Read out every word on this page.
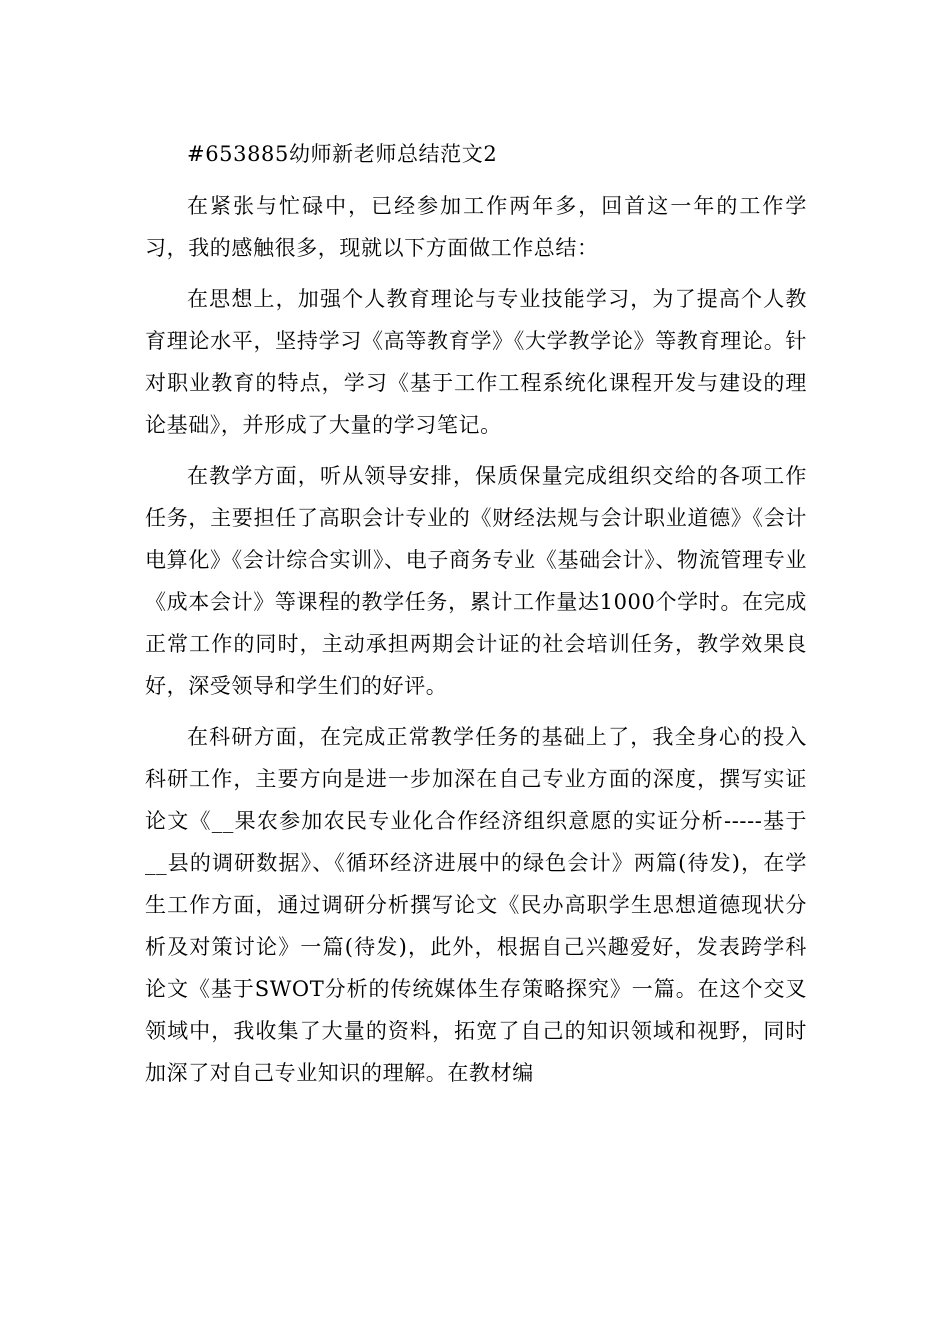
#653885幼师新老师总结范文2

在紧张与忙碌中，已经参加工作两年多，回首这一年的工作学习，我的感触很多，现就以下方面做工作总结：

在思想上，加强个人教育理论与专业技能学习，为了提高个人教育理论水平，坚持学习《高等教育学》《大学教学论》等教育理论。针对职业教育的特点，学习《基于工作工程系统化课程开发与建设的理论基础》，并形成了大量的学习笔记。

在教学方面，听从领导安排，保质保量完成组织交给的各项工作任务，主要担任了高职会计专业的《财经法规与会计职业道德》《会计电算化》《会计综合实训》、电子商务专业《基础会计》、物流管理专业《成本会计》等课程的教学任务，累计工作量达1000个学时。在完成正常工作的同时，主动承担两期会计证的社会培训任务，教学效果良好，深受领导和学生们的好评。

在科研方面，在完成正常教学任务的基础上了，我全身心的投入科研工作，主要方向是进一步加深在自己专业方面的深度，撰写实证论文《__果农参加农民专业化合作经济组织意愿的实证分析-----基于__县的调研数据》、《循环经济进展中的绿色会计》两篇(待发)，在学生工作方面，通过调研分析撰写论文《民办高职学生思想道德现状分析及对策讨论》一篇(待发)，此外，根据自己兴趣爱好，发表跨学科论文《基于SWOT分析的传统媒体生存策略探究》一篇。在这个交叉领域中，我收集了大量的资料，拓宽了自己的知识领域和视野，同时加深了对自己专业知识的理解。在教材编
